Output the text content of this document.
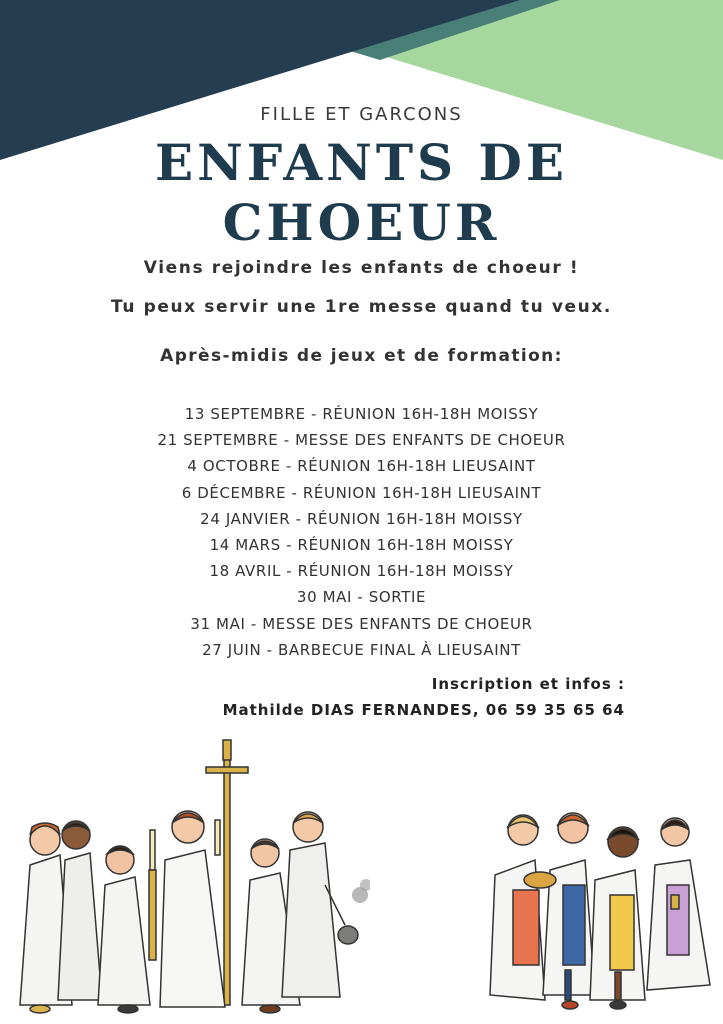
FILLE ET GARCONS
ENFANTS DE
CHOEUR
Viens rejoindre les enfants de choeur !
Tu peux servir une 1re messe quand tu veux.
Après-midis de jeux et de formation:
13 SEPTEMBRE - RÉUNION 16H-18H MOISSY
21 SEPTEMBRE - MESSE DES ENFANTS DE CHOEUR
4 OCTOBRE - RÉUNION 16H-18H LIEUSAINT
6 DÉCEMBRE - RÉUNION 16H-18H LIEUSAINT
24 JANVIER - RÉUNION 16H-18H MOISSY
14 MARS - RÉUNION 16H-18H MOISSY
18 AVRIL - RÉUNION 16H-18H MOISSY
30 MAI - SORTIE
31 MAI - MESSE DES ENFANTS DE CHOEUR
27 JUIN - BARBECUE FINAL À LIEUSAINT
Inscription et infos :
Mathilde DIAS FERNANDES, 06 59 35 65 64
